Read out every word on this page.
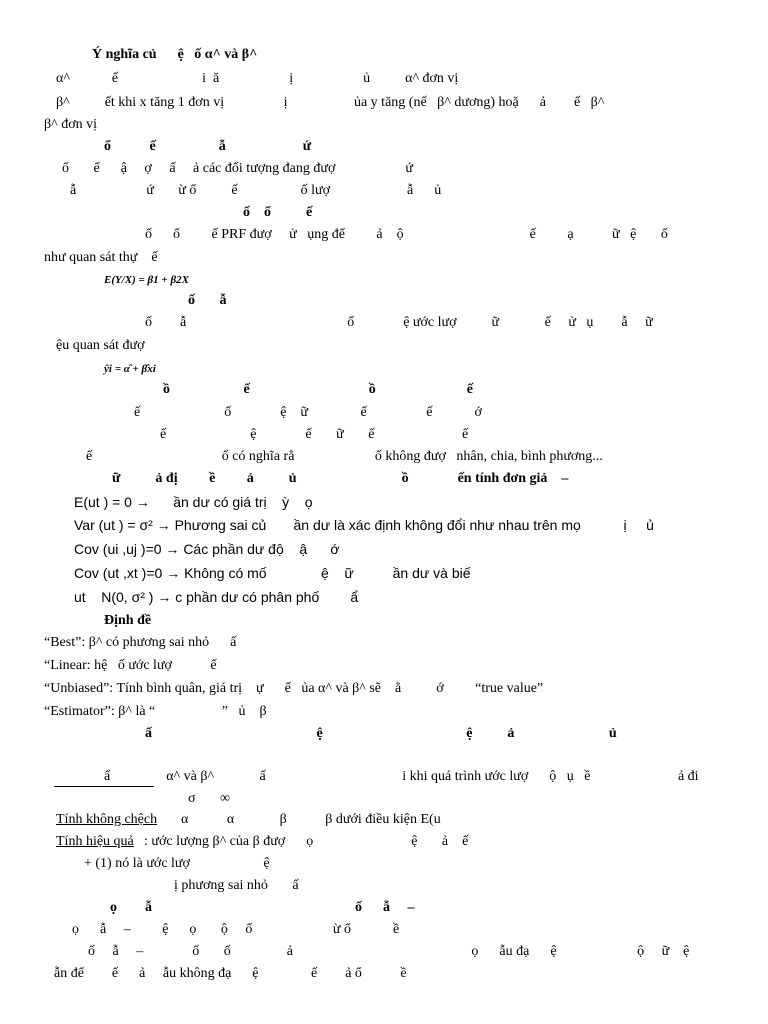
Ý nghĩa củ      ệ   ố α^ và β^
α^            ế                        i  ă                    ị                    ủ          α^ đơn vị
β^          ết khi x tăng 1 đơn vị                 ị                   ủa y tăng (nế   β^ dương) hoặ      ả        ế   β^
β^ đơn vị
ổ           ế                  ẫ                      ứ
ổ       ế      ậ     ợ     ấ     ả các đối tượng đang đượ                    ứ
ẫ                    ứ       ừ ổ          ế                  ố lượ                      ẫ      ủ
ố    ổ          ế
ố      ổ         ế PRF đượ     ử   ụng để         ả    ộ                                    ế         ạ           ữ   ệ       ố
như quan sát thự    ế
E(Y/X) = β1 + β2X
ố       ẫ
ố        ẫ                                              ố              ệ ước lượ          ữ             ế     ử   ụ        ẫ     ữ
ệu quan sát đượ
ŷi = α̂ + β̂xi
ồ                     ế                                  ồ                          ế
ế                        ố              ệ    ữ               ế                 ế            ớ
ế                        ệ              ế       ữ       ế                         ế
ế                                     ố có nghĩa rằ                       ố không đượ   nhân, chia, bình phương...
ữ          ả đị         ề         ả          ủ                              ồ              ến tính đơn giả    –
E(ut ) = 0 →      ần dư có giá trị    ỳ    ọ
Var (ut ) = σ² → Phương sai củ       ần dư là xác định không đổi như nhau trên mọ           ị     ủ
Cov (ui ,uj )=0 → Các phần dư độ    ậ      ớ
Cov (ut ,xt )=0 → Không có mố              ệ    ữ          ần dư và biế
ut    N(0, σ² ) → c phần dư có phân phố        ẩ
Định đề
“Best”: β^ có phương sai nhỏ      ấ
“Linear: hệ   ố ước lượ           ế
“Unbiased”: Tính bình quân, giá trị    ự      ế   ủa α^ và β^ sẽ    ằ          ớ         “true value”
“Estimator”: β^ là “                   ”   ủ    β
ấ                                               ệ                                         ệ          ả                           ủ
ấ                α^ và β^             ấ                                       i khi quá trình ước lượ      ộ   ụ   ề                         ả đi
σ       ∞
Tính không chệch α           α             β           β dưới điều kiện E(u
Tính hiệu quả : ước lượng β^ của β đượ      ọ                            ệ       ả    ế
+ (1) nó là ước lượ                     ệ
ị phương sai nhỏ       ấ
ọ        ẫ                                                          ố      ẫ     –
ọ      ẫ     –         ệ      ọ       ộ     ố                       ừ ổ            ề
ố     ẫ     –              ố       ố                ả                                                   ọ      ẫu đạ      ệ                       ộ     ữ    ệ
ẫn để        ế      ả     ẫu không đạ      ệ               ế        ả ổ           ề
